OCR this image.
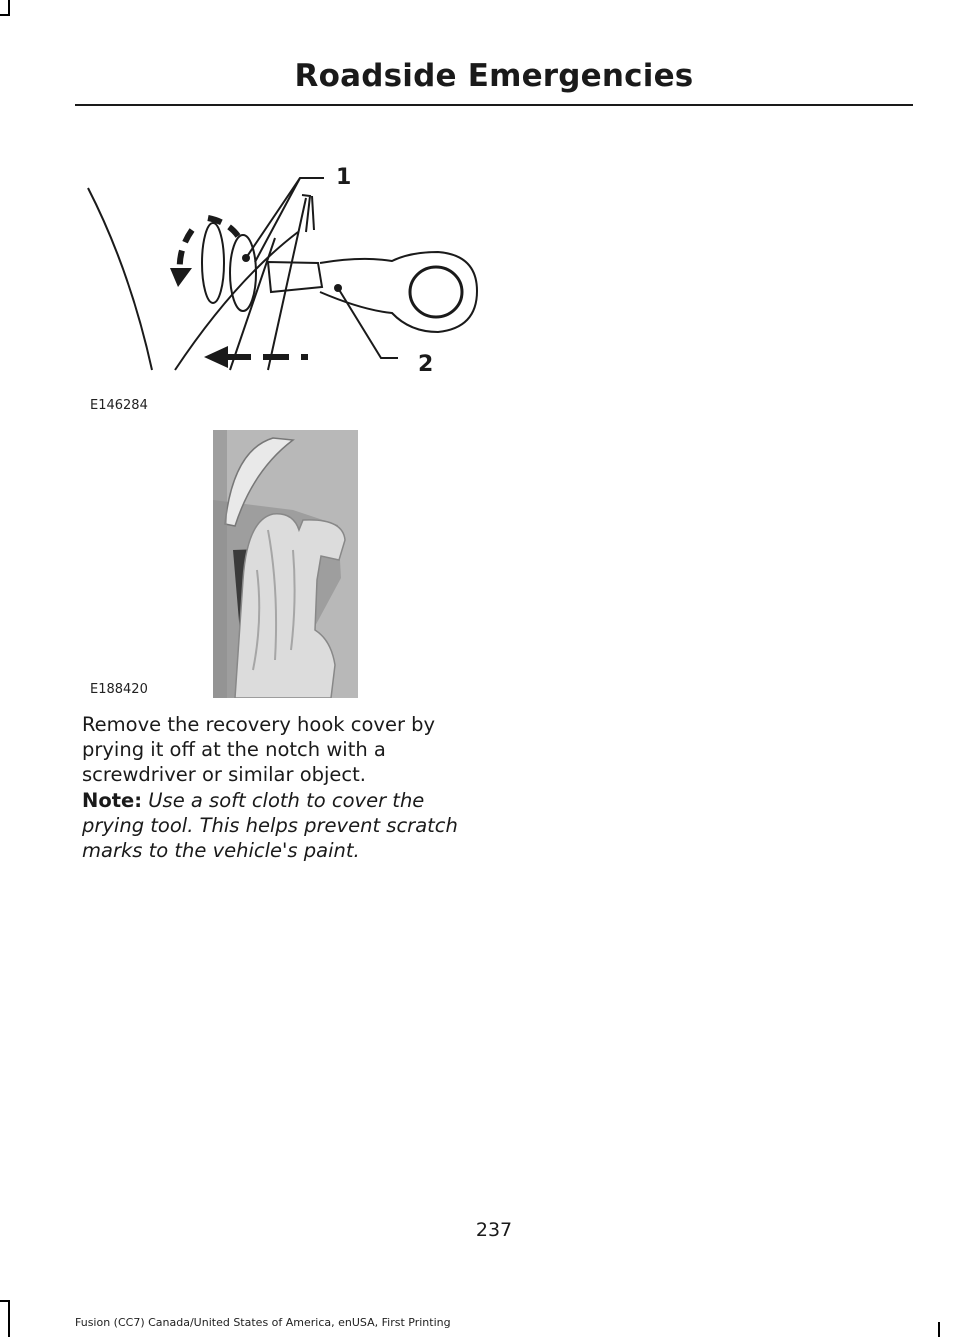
Roadside Emergencies
1
2
E146284
E188420
Remove the recovery hook cover by prying it off at the notch with a screwdriver or similar object.
Note: Use a soft cloth to cover the prying tool. This helps prevent scratch marks to the vehicle's paint.
237
Fusion (CC7) Canada/United States of America, enUSA, First Printing
